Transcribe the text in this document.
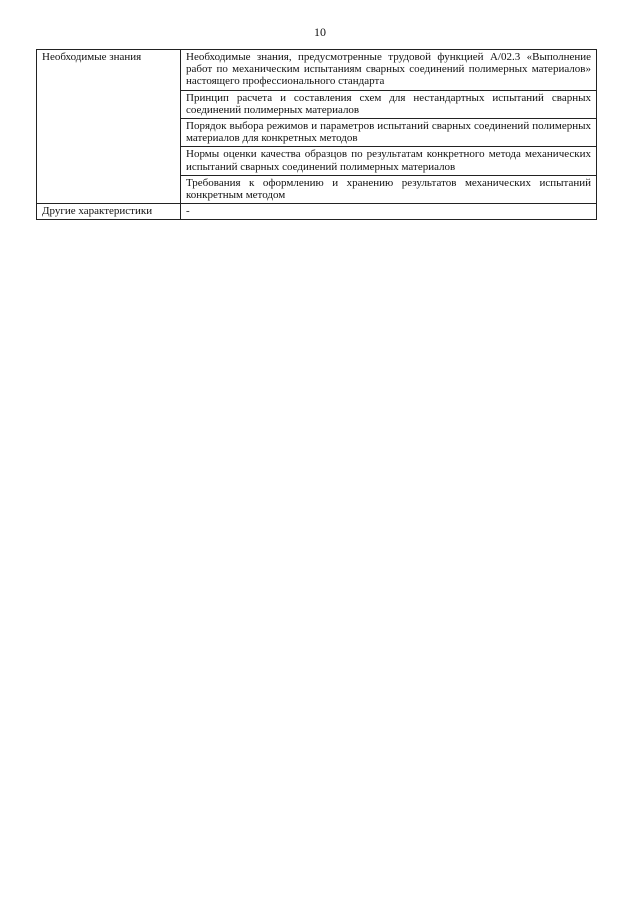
10
Необходимые знания	Необходимые знания, предусмотренные трудовой функцией А/02.3 «Выполнение работ по механическим испытаниям сварных соединений полимерных материалов» настоящего профессионального стандарта
	Принцип расчета и составления схем для нестандартных испытаний сварных соединений полимерных материалов
	Порядок выбора режимов и параметров испытаний сварных соединений полимерных материалов для конкретных методов
	Нормы оценки качества образцов по результатам конкретного метода механических испытаний сварных соединений полимерных материалов
	Требования к оформлению и хранению результатов механических испытаний конкретным методом
Другие характеристики	-
